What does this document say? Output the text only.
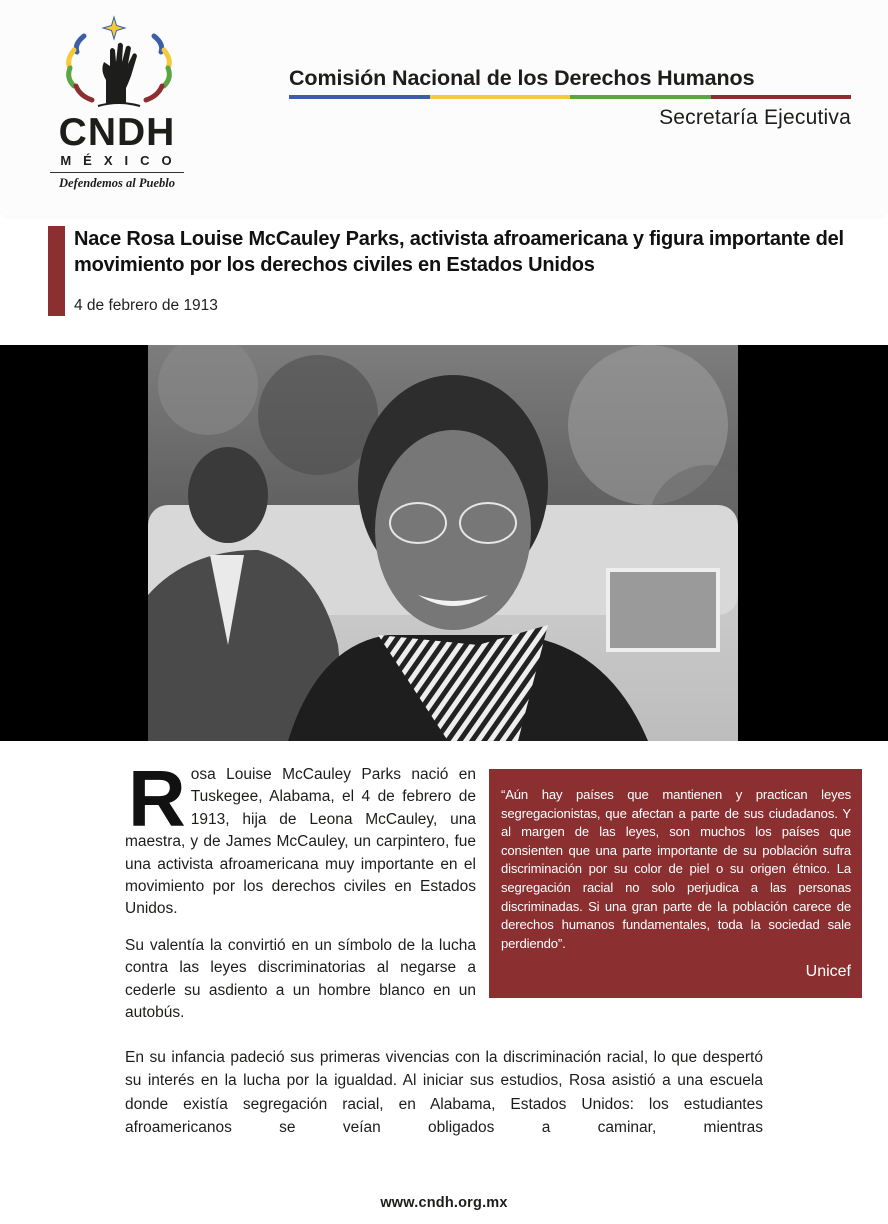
CNDH
MÉXICO
Defendemos al Pueblo
Comisión Nacional de los Derechos Humanos
Secretaría Ejecutiva
Nace Rosa Louise McCauley Parks, activista afroamericana y figura importante del movimiento por los derechos civiles en Estados Unidos
4 de febrero de 1913

Rosa Louise McCauley Parks nació en Tuskegee, Alabama, el 4 de febrero de 1913, hija de Leona McCauley, una maestra, y de James McCauley, un carpintero, fue una activista afroamericana muy importante en el movimiento por los derechos civiles en Estados Unidos.

Su valentía la convirtió en un símbolo de la lucha contra las leyes discriminatorias al negarse a cederle su asdiento a un hombre blanco en un autobús.

“Aún hay países que mantienen y practican leyes segregacionistas, que afectan a parte de sus ciudadanos. Y al margen de las leyes, son muchos los países que consienten que una parte importante de su población sufra discriminación por su color de piel o su origen étnico. La segregación racial no solo perjudica a las personas discriminadas. Si una gran parte de la población carece de derechos humanos fundamentales, toda la sociedad sale perdiendo”.
Unicef
En su infancia padeció sus primeras vivencias con la discriminación racial, lo que despertó su interés en la lucha por la igualdad. Al iniciar sus estudios, Rosa asistió a una escuela donde existía segregación racial, en Alabama, Estados Unidos: los estudiantes afroamericanos se veían obligados a caminar, mientras
www.cndh.org.mx
